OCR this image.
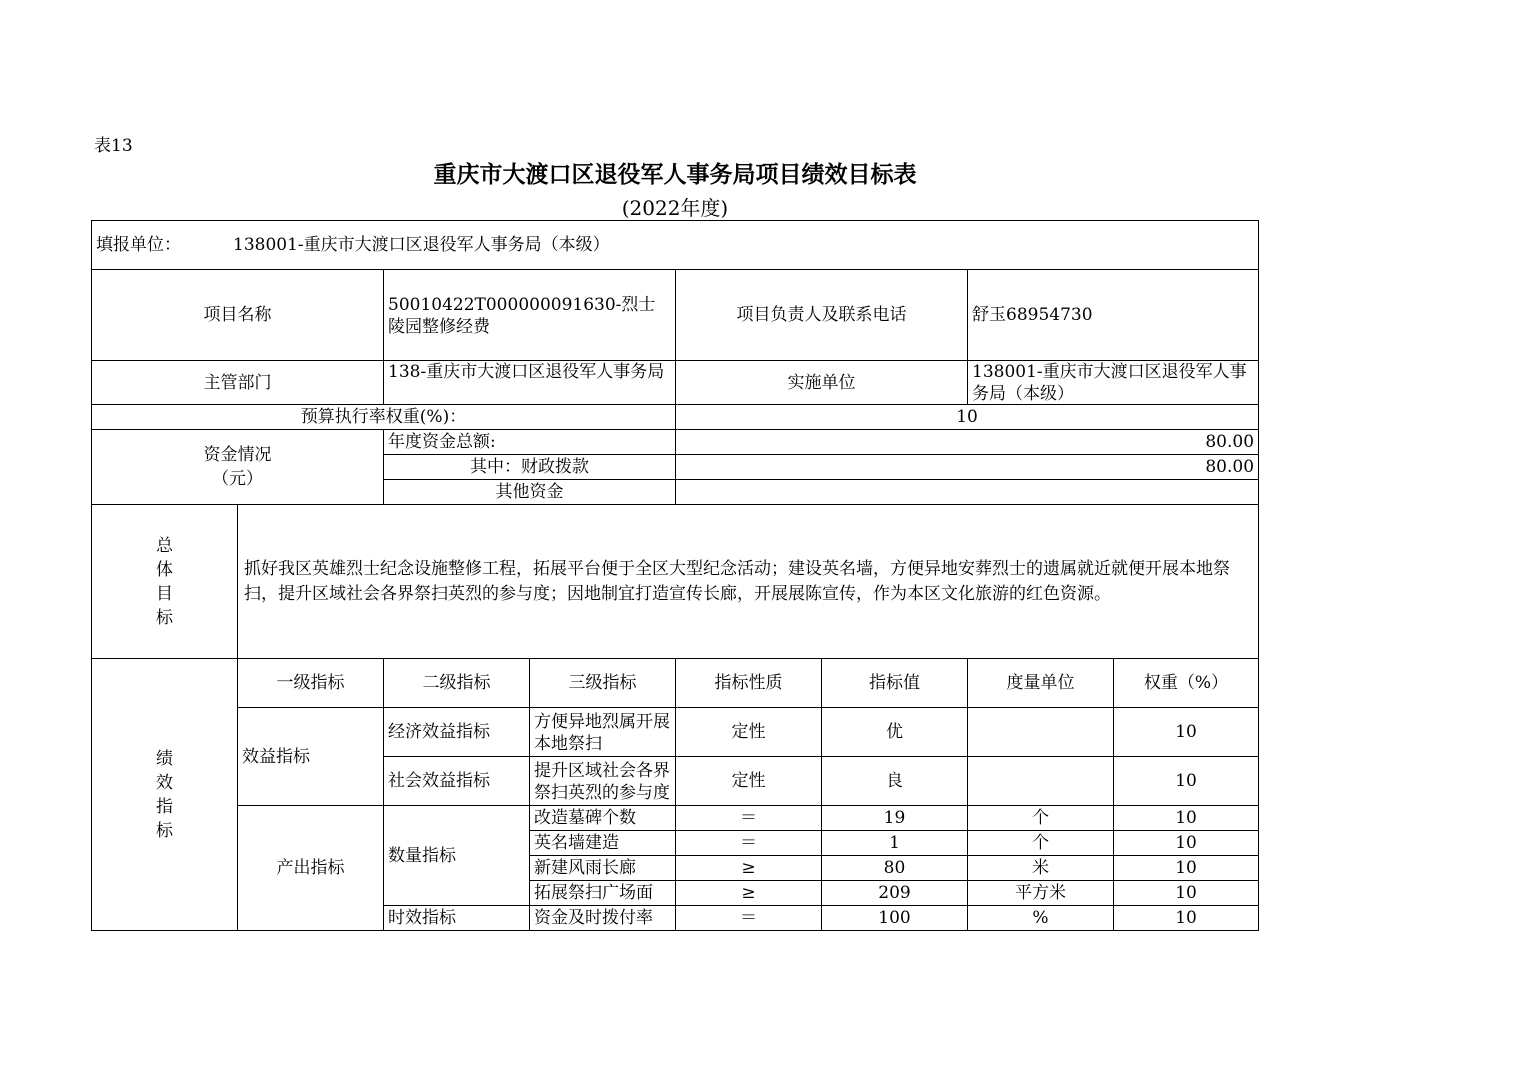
表13
重庆市大渡口区退役军人事务局项目绩效目标表
(2022年度)
填报单位： 138001-重庆市大渡口区退役军人事务局（本级）							
项目名称		50010422T000000091630-烈士陵园整修经费		项目负责人及联系电话		舒玉68954730	
主管部门		138-重庆市大渡口区退役军人事务局		实施单位		138001-重庆市大渡口区退役军人事务局（本级）	

预算执行率权重(%)：				10			

资金情况
（元）		年度资金总额:		80.00			
		其中：财政拨款		80.00			
		其他资金					

总
体
目
标	抓好我区英雄烈士纪念设施整修工程，拓展平台便于全区大型纪念活动；建设英名墙，方便异地安葬烈士的遗属就近就便开展本地祭扫，提升区域社会各界祭扫英烈的参与度；因地制宜打造宣传长廊，开展展陈宣传，作为本区文化旅游的红色资源。						

绩
效
指
标	一级指标	二级指标	三级指标	指标性质	指标值	度量单位	权重（%）
	效益指标	经济效益指标	方便异地烈属开展本地祭扫	定性	优		10
		社会效益指标	提升区域社会各界祭扫英烈的参与度	定性	良		10
	产出指标	数量指标	改造墓碑个数	＝	19	个	10
			英名墙建造	＝	1	个	10
			新建风雨长廊	≥	80	米	10
			拓展祭扫广场面	≥	209	平方米	10
		时效指标	资金及时拨付率	＝	100	%	10
